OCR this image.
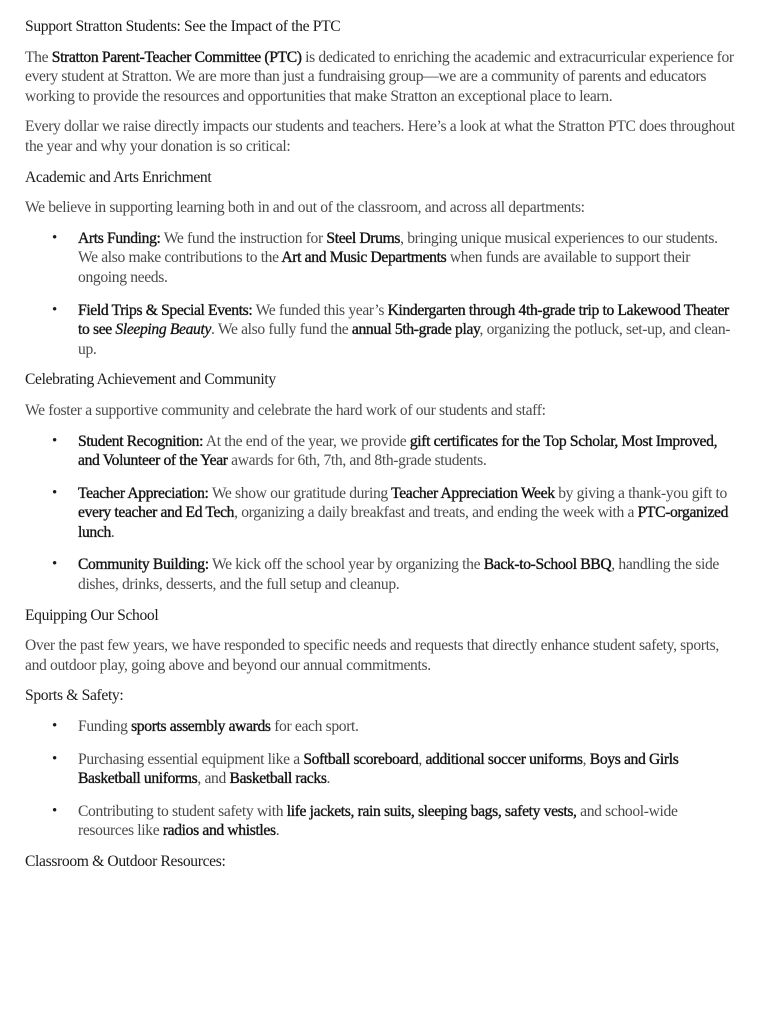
Support Stratton Students: See the Impact of the PTC

The Stratton Parent-Teacher Committee (PTC) is dedicated to enriching the academic and extracurricular experience for every student at Stratton. We are more than just a fundraising group—we are a community of parents and educators working to provide the resources and opportunities that make Stratton an exceptional place to learn.

Every dollar we raise directly impacts our students and teachers. Here’s a look at what the Stratton PTC does throughout the year and why your donation is so critical:

Academic and Arts Enrichment

We believe in supporting learning both in and out of the classroom, and across all departments:

• Arts Funding: We fund the instruction for Steel Drums, bringing unique musical experiences to our students. We also make contributions to the Art and Music Departments when funds are available to support their ongoing needs.
• Field Trips & Special Events: We funded this year’s Kindergarten through 4th-grade trip to Lakewood Theater to see Sleeping Beauty. We also fully fund the annual 5th-grade play, organizing the potluck, set-up, and clean-up.
Celebrating Achievement and Community

We foster a supportive community and celebrate the hard work of our students and staff:

• Student Recognition: At the end of the year, we provide gift certificates for the Top Scholar, Most Improved, and Volunteer of the Year awards for 6th, 7th, and 8th-grade students.
• Teacher Appreciation: We show our gratitude during Teacher Appreciation Week by giving a thank-you gift to every teacher and Ed Tech, organizing a daily breakfast and treats, and ending the week with a PTC-organized lunch.
• Community Building: We kick off the school year by organizing the Back-to-School BBQ, handling the side dishes, drinks, desserts, and the full setup and cleanup.
Equipping Our School

Over the past few years, we have responded to specific needs and requests that directly enhance student safety, sports, and outdoor play, going above and beyond our annual commitments.

Sports & Safety:
• Funding sports assembly awards for each sport.
• Purchasing essential equipment like a Softball scoreboard, additional soccer uniforms, Boys and Girls Basketball uniforms, and Basketball racks.
• Contributing to student safety with life jackets, rain suits, sleeping bags, safety vests, and school-wide resources like radios and whistles.
Classroom & Outdoor Resources:
